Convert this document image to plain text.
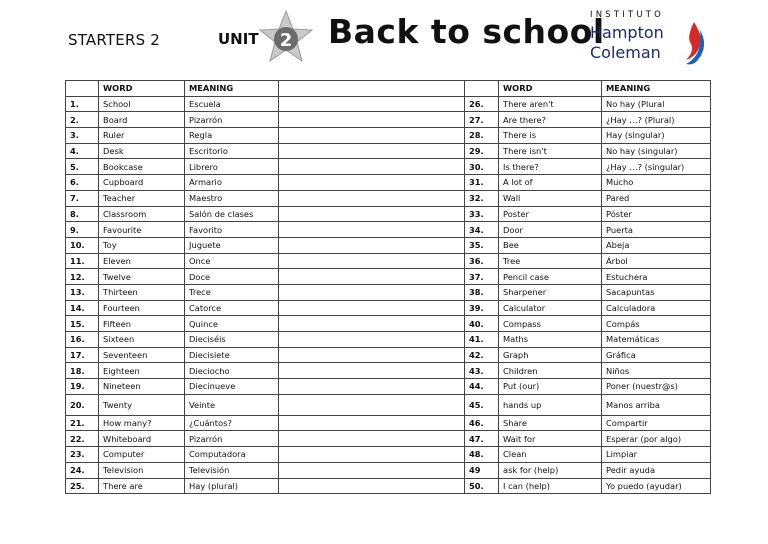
STARTERS 2	UNIT 2 Back to school
INSTITUTO
Hampton
Coleman
	WORD	MEANING			WORD	MEANING
1.	School	Escuela		26.	There aren't	No hay (Plural
2.	Board	Pizarrón		27.	Are there?	¿Hay …? (Plural)
3.	Ruler	Regla		28.	There is	Hay (singular)
4.	Desk	Escritorio		29.	There isn't	No hay (singular)
5.	Bookcase	Librero		30.	Is there?	¿Hay …? (singular)
6.	Cupboard	Armario		31.	A lot of	Mucho
7.	Teacher	Maestro		32.	Wall	Pared
8.	Classroom	Salón de clases		33.	Poster	Póster
9.	Favourite	Favorito		34.	Door	Puerta
10.	Toy	Juguete		35.	Bee	Abeja
11.	Eleven	Once		36.	Tree	Árbol
12.	Twelve	Doce		37.	Pencil case	Estuchera
13.	Thirteen	Trece		38.	Sharpener	Sacapuntas
14.	Fourteen	Catorce		39.	Calculator	Calculadora
15.	Fifteen	Quince		40.	Compass	Compás
16.	Sixteen	Dieciséis		41.	Maths	Matemáticas
17.	Seventeen	Diecisiete		42.	Graph	Gráfica
18.	Eighteen	Dieciocho		43.	Children	Niños
19.	Nineteen	Diecinueve		44.	Put (our)	Poner (nuestr@s)
20.	Twenty	Veinte		45.	hands up	Manos arriba
21.	How many?	¿Cuántos?		46.	Share	Compartir
22.	Whiteboard	Pizarrón		47.	Wait for	Esperar (por algo)
23.	Computer	Computadora		48.	Clean	Limpiar
24.	Television	Televisión		49	ask for (help)	Pedir ayuda
25.	There are	Hay (plural)		50.	I can (help)	Yo puedo (ayudar)
